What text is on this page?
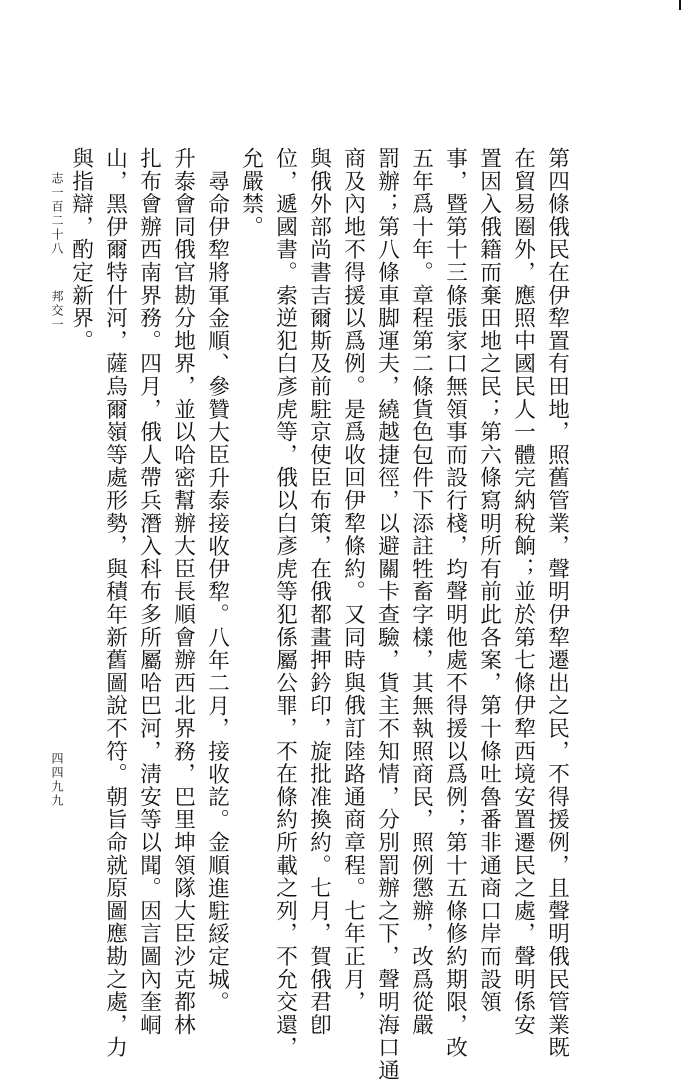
第四條俄民在伊犂置有田地，照舊管業，聲明伊犂遷出之民，不得援例，且聲明俄民管業既
在貿易圈外，應照中國民人一體完納稅餉；並於第七條伊犂西境安置遷民之處，聲明係安
置因入俄籍而棄田地之民；第六條寫明所有前此各案，第十條吐魯番非通商口岸而設領
事，暨第十三條張家口無領事而設行棧，均聲明他處不得援以爲例；第十五條修約期限，改
五年爲十年。章程第二條貨色包件下添註牲畜字樣，其無執照商民，照例懲辦，改爲從嚴
罰辦；第八條車脚運夫，繞越捷徑，以避關卡查驗，貨主不知情，分別罰辦之下，聲明海口通
商及內地不得援以爲例。是爲收回伊犂條約。又同時與俄訂陸路通商章程。七年正月，
與俄外部尚書吉爾斯及前駐京使臣布策，在俄都畫押鈐印，旋批准換約。七月，賀俄君卽
位，遞國書。索逆犯白彥虎等，俄以白彥虎等犯係屬公罪，不在條約所載之列，不允交還，
允嚴禁。
尋命伊犂將軍金順、參贊大臣升泰接收伊犂。八年二月，接收訖。金順進駐綏定城。
升泰會同俄官勘分地界，並以哈密幫辦大臣長順會辦西北界務，巴里坤領隊大臣沙克都林
扎布會辦西南界務。四月，俄人帶兵潛入科布多所屬哈巴河，淸安等以聞。因言圖內奎峒
山，黑伊爾特什河，薩烏爾嶺等處形勢，與積年新舊圖說不符。朝旨命就原圖應勘之處，力
與指辯，酌定新界。
志一百二十八
邦交一
四四九九
